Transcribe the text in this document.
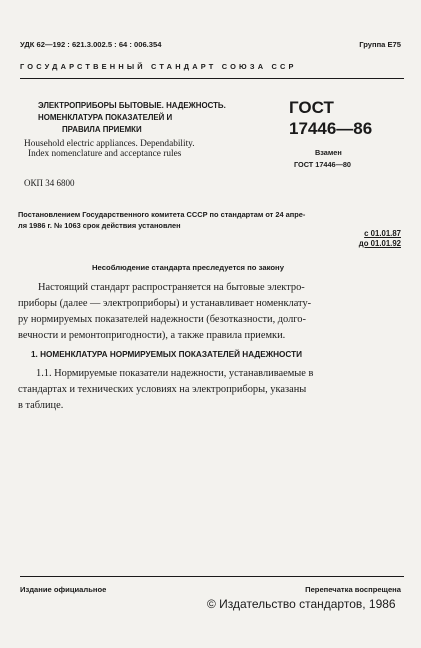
УДК 62—192 : 621.3.002.5 : 64 : 006.354	Группа Е75
ГОСУДАРСТВЕННЫЙ СТАНДАРТ СОЮЗА ССР
ЭЛЕКТРОПРИБОРЫ БЫТОВЫЕ. НАДЕЖНОСТЬ.
НОМЕНКЛАТУРА ПОКАЗАТЕЛЕЙ И
ПРАВИЛА ПРИЕМКИ
Household electric appliances. Dependability.
Index nomenclature and acceptance rules
ГОСТ
17446—86
Взамен
ГОСТ 17446—80
ОКП 34 6800
Постановлением Государственного комитета СССР по стандартам от 24 апре-
ля 1986 г. № 1063 срок действия установлен
с 01.01.87
до 01.01.92
Несоблюдение стандарта преследуется по закону
Настоящий стандарт распространяется на бытовые электро-
приборы (далее — электроприборы) и устанавливает номенклату-
ру нормируемых показателей надежности (безотказности, долго-
вечности и ремонтопригодности), а также правила приемки.
1. НОМЕНКЛАТУРА НОРМИРУЕМЫХ ПОКАЗАТЕЛЕЙ НАДЕЖНОСТИ
1.1. Нормируемые показатели надежности, устанавливаемые в
стандартах и технических условиях на электроприборы, указаны
в таблице.
Издание официальное	Перепечатка воспрещена
© Издательство стандартов, 1986
